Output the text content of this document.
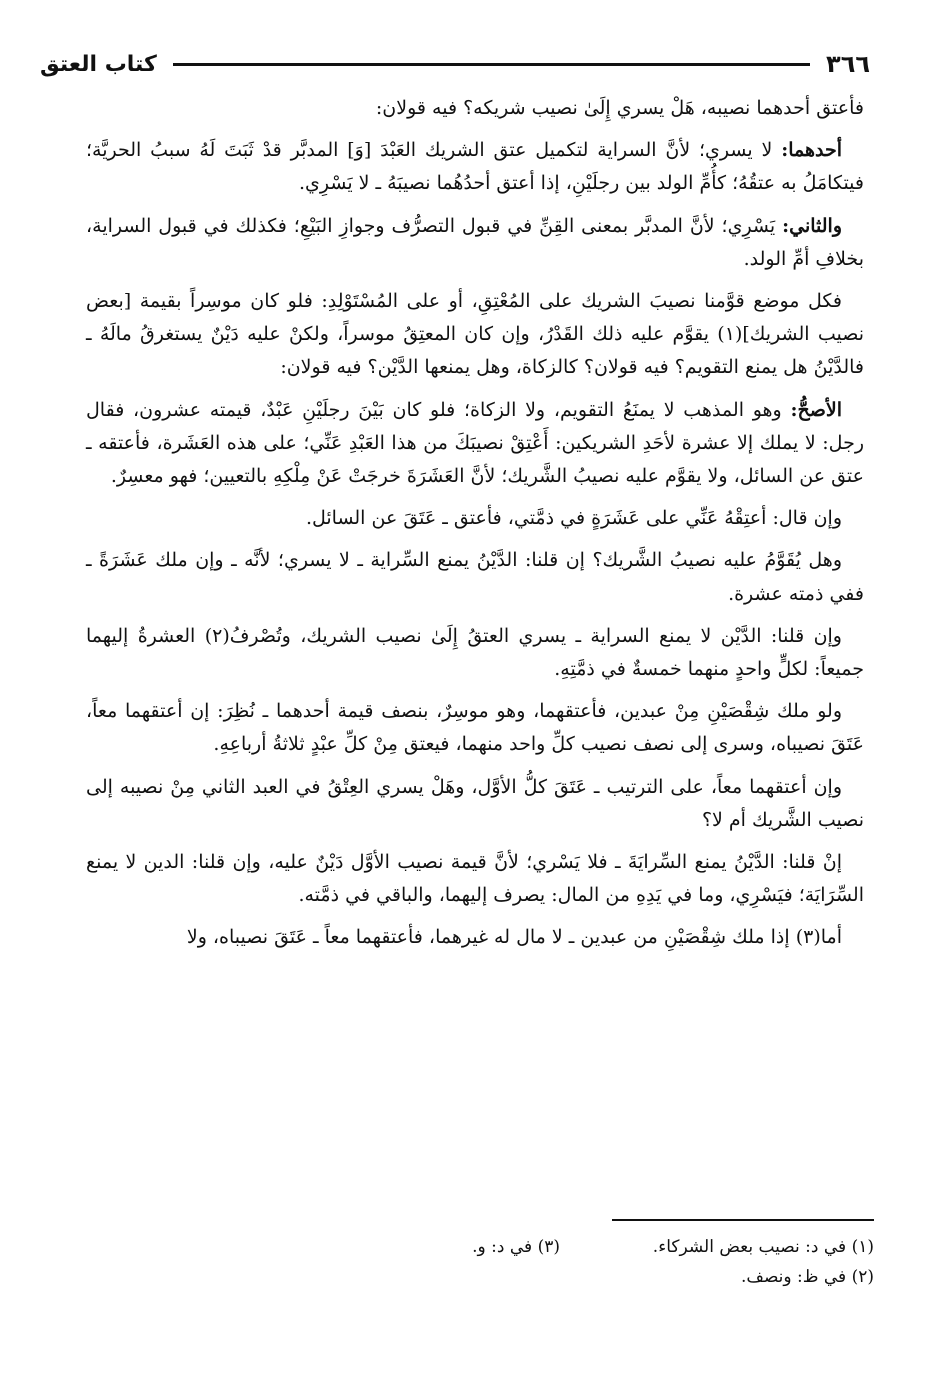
٣٦٦
كتاب العتق

فأعتق أحدهما نصيبه، هَلْ يسري إِلَىٰ نصيب شريكه؟ فيه قولان:

أحدهما: لا يسري؛ لأنَّ السراية لتكميل عتق الشريك العَبْدَ [وَ] المدبَّر قدْ ثَبَتَ لَهُ سببُ الحريَّة؛ فيتكامَلُ به عتقُهُ؛ كأُمِّ الولد بين رجلَيْنِ، إذا أعتق أحدُهُما نصيبَهُ ـ لا يَسْرِي.

والثاني: يَسْرِي؛ لأنَّ المدبَّر بمعنى القِنِّ في قبول التصرُّف وجوازِ البَيْعِ؛ فكذلك في قبول السراية، بخلافِ أمِّ الولد.

فكل موضع قوَّمنا نصيبَ الشريك على المُعْتِقِ، أو على المُسْتَوْلِدِ: فلو كان موسِراً بقيمة [بعض نصيب الشريك](١) يقوَّم عليه ذلك القَدْرُ، وإن كان المعتِقُ موسراً، ولكنْ عليه دَيْنٌ يستغرقُ مالَهُ ـ فالدَّيْنُ هل يمنع التقويم؟ فيه قولان؟ كالزكاة، وهل يمنعها الدَّيْن؟ فيه قولان:

الأصحُّ: وهو المذهب لا يمنَعُ التقويم، ولا الزكاة؛ فلو كان بَيْنَ رجلَيْنِ عَبْدٌ، قيمته عشرون، فقال رجل: لا يملك إلا عشرة لأحَدِ الشريكين: أَعْتِقْ نصيبَكَ من هذا العَبْدِ عَنِّي؛ على هذه العَشَرة، فأعتقه ـ عتق عن السائل، ولا يقوَّم عليه نصيبُ الشَّريك؛ لأنَّ العَشَرَةَ خرجَتْ عَنْ مِلْكِهِ بالتعيين؛ فهو معسِرٌ.

وإن قال: أعتِقْهُ عَنِّي على عَشَرَةٍ في ذمَّتي، فأعتق ـ عَتَقَ عن السائل.

وهل يُقَوَّمُ عليه نصيبُ الشَّريك؟ إن قلنا: الدَّيْنُ يمنع السِّراية ـ لا يسري؛ لأنَّه ـ وإن ملك عَشَرَةً ـ ففي ذمته عشرة.

وإن قلنا: الدَّيْن لا يمنع السراية ـ يسري العتقُ إِلَىٰ نصيب الشريك، وتُصْرفُ(٢) العشرةُ إليهما جميعاً: لكلٍّ واحدٍ منهما خمسةٌ في ذمَّتِهِ.

ولو ملك شِقْصَيْنِ مِنْ عبدين، فأعتقهما، وهو موسِرٌ، بنصف قيمة أحدهما ـ نُظِرَ: إن أعتقهما معاً، عَتَقَ نصيباه، وسرى إلى نصف نصيب كلِّ واحد منهما، فيعتق مِنْ كلِّ عبْدٍ ثلاثةُ أرباعِهِ.

وإن أعتقهما معاً، على الترتيب ـ عَتَقَ كلُّ الأوَّل، وهَلْ يسري العِتْقُ في العبد الثاني مِنْ نصيبه إلى نصيب الشَّريك أم لا؟

إنْ قلنا: الدَّيْنُ يمنع السِّرايَةَ ـ فلا يَسْري؛ لأنَّ قيمة نصيب الأوَّل دَيْنٌ عليه، وإن قلنا: الدين لا يمنع السِّرَايَة؛ فيَسْرِي، وما في يَدِهِ من المال: يصرف إليهما، والباقي في ذمَّته.

أما(٣) إذا ملك شِقْصَيْنِ من عبدين ـ لا مال له غيرهما، فأعتقهما معاً ـ عَتَقَ نصيباه، ولا

(١) في د: نصيب بعض الشركاء.
(٣) في د: و.
(٢) في ظ: ونصف.
